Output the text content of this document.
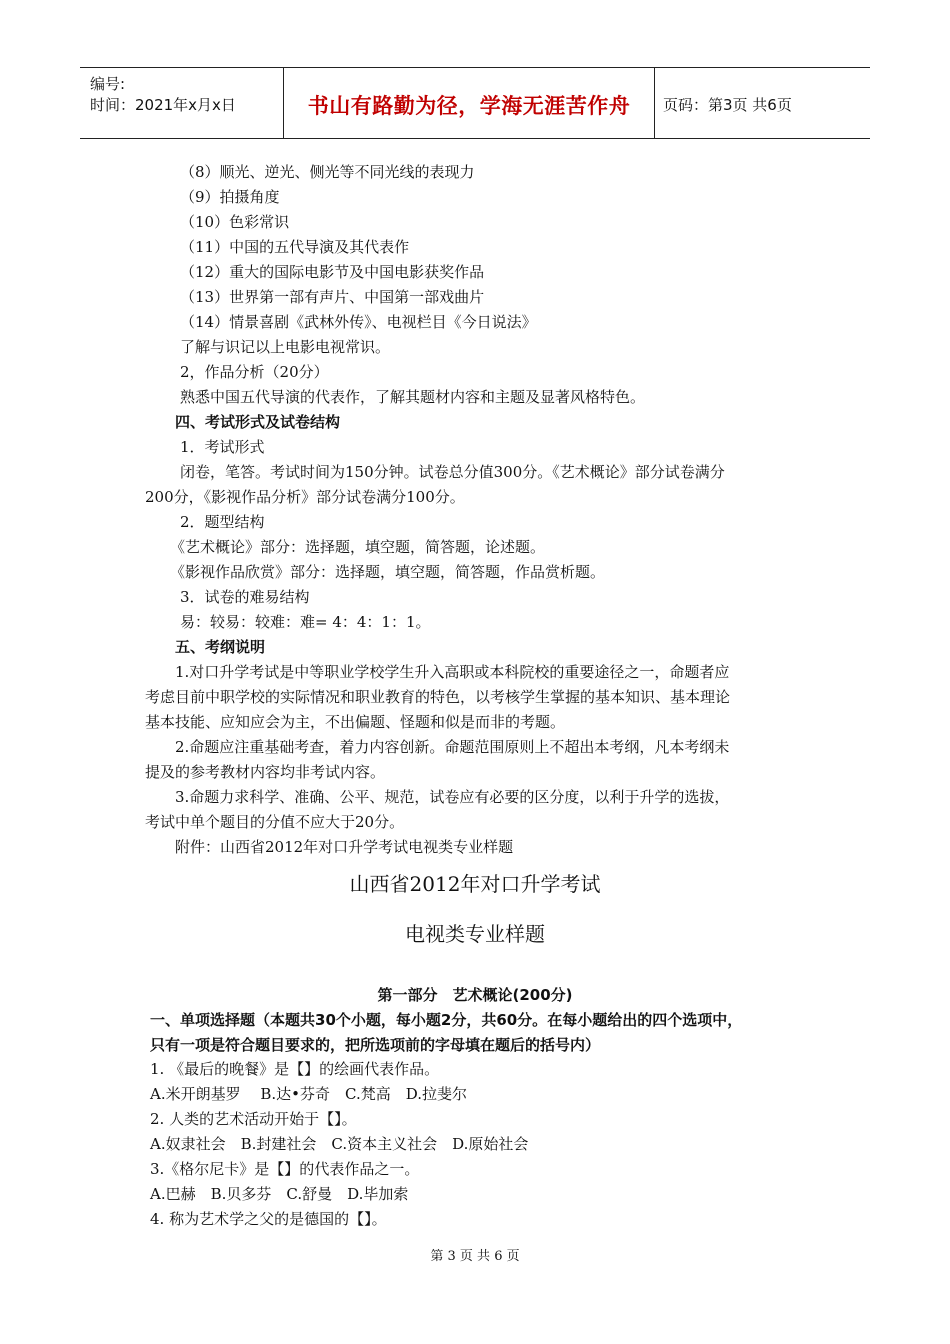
编号:
时间：2021年x月x日	书山有路勤为径，学海无涯苦作舟	页码：第3页 共6页
（8）顺光、逆光、侧光等不同光线的表现力
（9）拍摄角度
（10）色彩常识
（11）中国的五代导演及其代表作
（12）重大的国际电影节及中国电影获奖作品
（13）世界第一部有声片、中国第一部戏曲片
（14）情景喜剧《武林外传》、电视栏目《今日说法》
了解与识记以上电影电视常识。
2，作品分析（20分）
熟悉中国五代导演的代表作，了解其题材内容和主题及显著风格特色。
四、考试形式及试卷结构
1．考试形式
闭卷，笔答。考试时间为150分钟。试卷总分值300分。《艺术概论》部分试卷满分
200分，《影视作品分析》部分试卷满分100分。
2．题型结构
《艺术概论》部分：选择题，填空题，简答题，论述题。
《影视作品欣赏》部分：选择题，填空题，简答题，作品赏析题。
3．试卷的难易结构
易：较易：较难：难= 4：4：1：1。
五、考纲说明
1.对口升学考试是中等职业学校学生升入高职或本科院校的重要途径之一，命题者应
考虑目前中职学校的实际情况和职业教育的特色，以考核学生掌握的基本知识、基本理论
基本技能、应知应会为主，不出偏题、怪题和似是而非的考题。
2.命题应注重基础考查，着力内容创新。命题范围原则上不超出本考纲，凡本考纲未
提及的参考教材内容均非考试内容。
3.命题力求科学、准确、公平、规范，试卷应有必要的区分度，以利于升学的选拔，
考试中单个题目的分值不应大于20分。
附件：山西省2012年对口升学考试电视类专业样题
山西省2012年对口升学考试
电视类专业样题
第一部分　艺术概论(200分)
一、单项选择题（本题共30个小题，每小题2分，共60分。在每小题给出的四个选项中，
只有一项是符合题目要求的，把所选项前的字母填在题后的括号内）
1. 《最后的晚餐》是【】的绘画代表作品。
A.米开朗基罗　 B.达•芬奇　C.梵高　D.拉斐尔
2. 人类的艺术活动开始于【】。
A.奴隶社会　B.封建社会　C.资本主义社会　D.原始社会
3.《格尔尼卡》是【】的代表作品之一。
A.巴赫　B.贝多芬　C.舒曼　D.毕加索
4. 称为艺术学之父的是德国的【】。
第 3 页 共 6 页
